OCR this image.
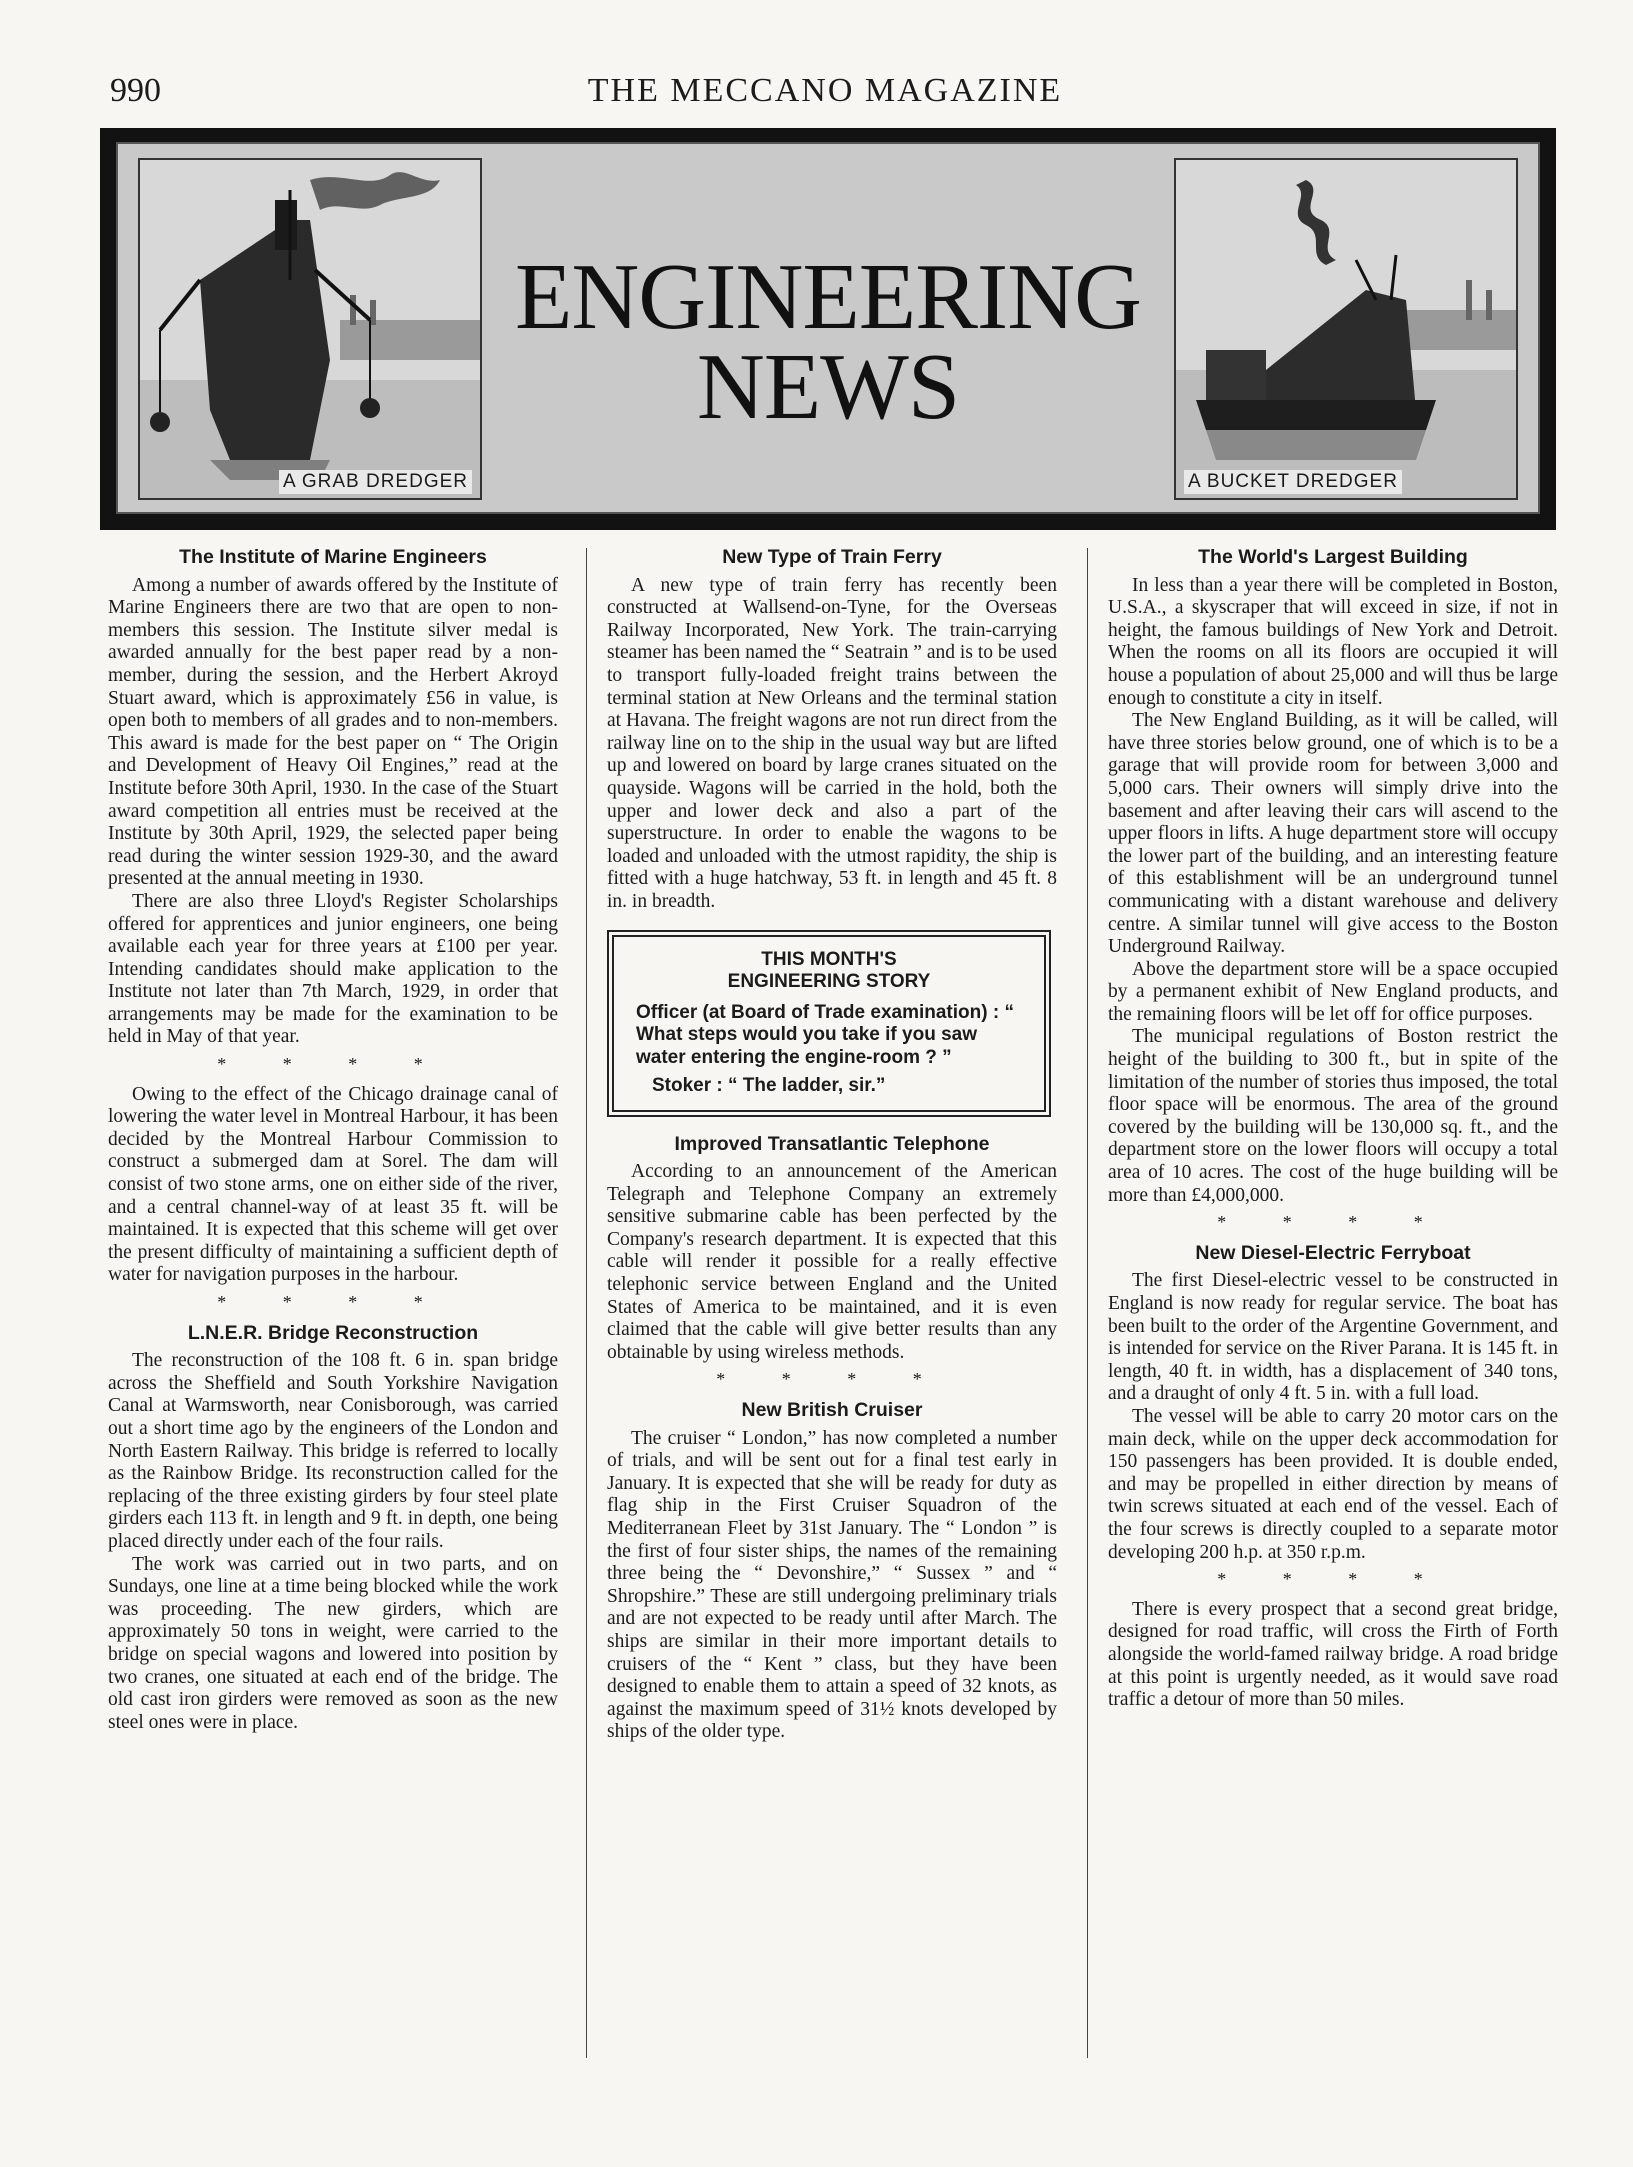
990	THE MECCANO MAGAZINE
A GRAB DREDGER
ENGINEERING
NEWS
A BUCKET DREDGER
The Institute of Marine Engineers

Among a number of awards offered by the Institute of Marine Engineers there are two that are open to non-members this session. The Institute silver medal is awarded annually for the best paper read by a non-member, during the session, and the Herbert Akroyd Stuart award, which is approximately £56 in value, is open both to members of all grades and to non-members. This award is made for the best paper on “ The Origin and Development of Heavy Oil Engines,” read at the Institute before 30th April, 1930. In the case of the Stuart award competition all entries must be received at the Institute by 30th April, 1929, the selected paper being read during the winter session 1929-30, and the award presented at the annual meeting in 1930.

There are also three Lloyd's Register Scholarships offered for apprentices and junior engineers, one being available each year for three years at £100 per year. Intending candidates should make application to the Institute not later than 7th March, 1929, in order that arrangements may be made for the examination to be held in May of that year.

* * * *

Owing to the effect of the Chicago drainage canal of lowering the water level in Montreal Harbour, it has been decided by the Montreal Harbour Commission to construct a submerged dam at Sorel. The dam will consist of two stone arms, one on either side of the river, and a central channel-way of at least 35 ft. will be maintained. It is expected that this scheme will get over the present difficulty of maintaining a sufficient depth of water for navigation purposes in the harbour.

* * * *
L.N.E.R. Bridge Reconstruction

The reconstruction of the 108 ft. 6 in. span bridge across the Sheffield and South Yorkshire Navigation Canal at Warmsworth, near Conisborough, was carried out a short time ago by the engineers of the London and North Eastern Railway. This bridge is referred to locally as the Rainbow Bridge. Its reconstruction called for the replacing of the three existing girders by four steel plate girders each 113 ft. in length and 9 ft. in depth, one being placed directly under each of the four rails.

The work was carried out in two parts, and on Sundays, one line at a time being blocked while the work was proceeding. The new girders, which are approximately 50 tons in weight, were carried to the bridge on special wagons and lowered into position by two cranes, one situated at each end of the bridge. The old cast iron girders were removed as soon as the new steel ones were in place.

New Type of Train Ferry

A new type of train ferry has recently been constructed at Wallsend-on-Tyne, for the Overseas Railway Incorporated, New York. The train-carrying steamer has been named the “ Seatrain ” and is to be used to transport fully-loaded freight trains between the terminal station at New Orleans and the terminal station at Havana. The freight wagons are not run direct from the railway line on to the ship in the usual way but are lifted up and lowered on board by large cranes situated on the quayside. Wagons will be carried in the hold, both the upper and lower deck and also a part of the superstructure. In order to enable the wagons to be loaded and unloaded with the utmost rapidity, the ship is fitted with a huge hatchway, 53 ft. in length and 45 ft. 8 in. in breadth.

THIS MONTH'S
ENGINEERING STORY
Officer (at Board of Trade examination) : “ What steps would you take if you saw water entering the engine-room ? ”
Stoker : “ The ladder, sir.”
Improved Transatlantic Telephone

According to an announcement of the American Telegraph and Telephone Company an extremely sensitive submarine cable has been perfected by the Company's research department. It is expected that this cable will render it possible for a really effective telephonic service between England and the United States of America to be maintained, and it is even claimed that the cable will give better results than any obtainable by using wireless methods.

* * * *
New British Cruiser

The cruiser “ London,” has now completed a number of trials, and will be sent out for a final test early in January. It is expected that she will be ready for duty as flag ship in the First Cruiser Squadron of the Mediterranean Fleet by 31st January. The “ London ” is the first of four sister ships, the names of the remaining three being the “ Devonshire,” “ Sussex ” and “ Shropshire.” These are still undergoing preliminary trials and are not expected to be ready until after March. The ships are similar in their more important details to cruisers of the “ Kent ” class, but they have been designed to enable them to attain a speed of 32 knots, as against the maximum speed of 31½ knots developed by ships of the older type.

The World's Largest Building

In less than a year there will be completed in Boston, U.S.A., a skyscraper that will exceed in size, if not in height, the famous buildings of New York and Detroit. When the rooms on all its floors are occupied it will house a population of about 25,000 and will thus be large enough to constitute a city in itself.

The New England Building, as it will be called, will have three stories below ground, one of which is to be a garage that will provide room for between 3,000 and 5,000 cars. Their owners will simply drive into the basement and after leaving their cars will ascend to the upper floors in lifts. A huge department store will occupy the lower part of the building, and an interesting feature of this establishment will be an underground tunnel communicating with a distant warehouse and delivery centre. A similar tunnel will give access to the Boston Underground Railway.

Above the department store will be a space occupied by a permanent exhibit of New England products, and the remaining floors will be let off for office purposes.

The municipal regulations of Boston restrict the height of the building to 300 ft., but in spite of the limitation of the number of stories thus imposed, the total floor space will be enormous. The area of the ground covered by the building will be 130,000 sq. ft., and the department store on the lower floors will occupy a total area of 10 acres. The cost of the huge building will be more than £4,000,000.

* * * *
New Diesel-Electric Ferryboat

The first Diesel-electric vessel to be constructed in England is now ready for regular service. The boat has been built to the order of the Argentine Government, and is intended for service on the River Parana. It is 145 ft. in length, 40 ft. in width, has a displacement of 340 tons, and a draught of only 4 ft. 5 in. with a full load.

The vessel will be able to carry 20 motor cars on the main deck, while on the upper deck accommodation for 150 passengers has been provided. It is double ended, and may be propelled in either direction by means of twin screws situated at each end of the vessel. Each of the four screws is directly coupled to a separate motor developing 200 h.p. at 350 r.p.m.

* * * *

There is every prospect that a second great bridge, designed for road traffic, will cross the Firth of Forth alongside the world-famed railway bridge. A road bridge at this point is urgently needed, as it would save road traffic a detour of more than 50 miles.
